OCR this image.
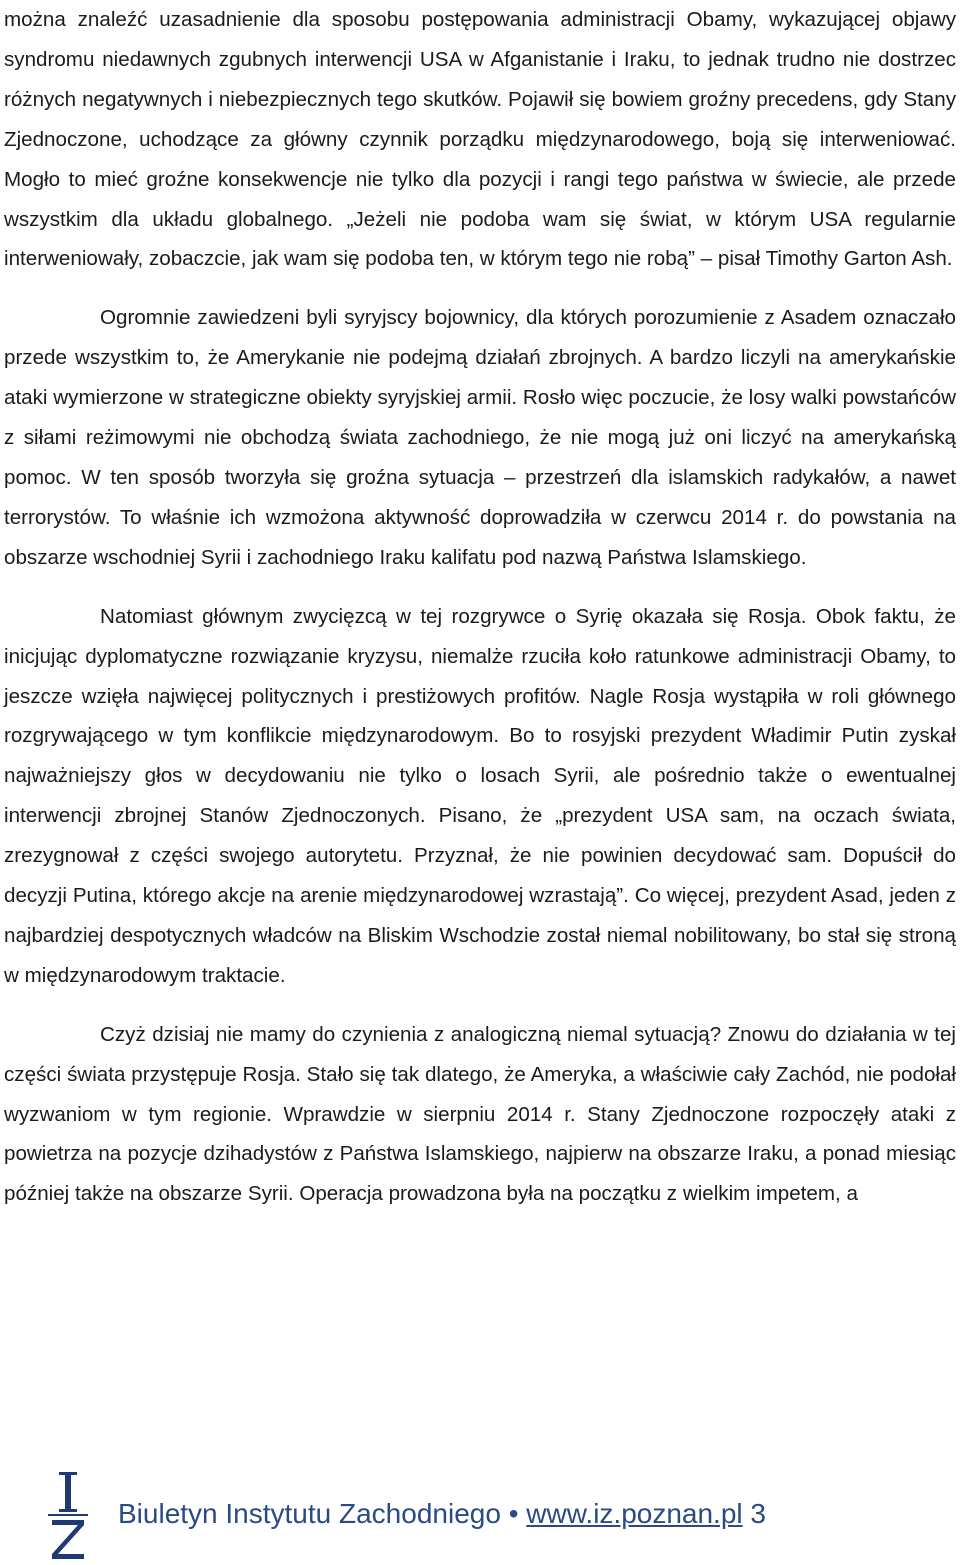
można znaleźć uzasadnienie dla sposobu postępowania administracji Obamy, wykazującej objawy syndromu niedawnych zgubnych interwencji USA w Afganistanie i Iraku, to jednak trudno nie dostrzec różnych negatywnych i niebezpiecznych tego skutków. Pojawił się bowiem groźny precedens, gdy Stany Zjednoczone, uchodzące za główny czynnik porządku międzynarodowego, boją się interweniować. Mogło to mieć groźne konsekwencje nie tylko dla pozycji i rangi tego państwa w świecie, ale przede wszystkim dla układu globalnego. „Jeżeli nie podoba wam się świat, w którym USA regularnie interweniowały, zobaczcie, jak wam się podoba ten, w którym tego nie robą” – pisał Timothy Garton Ash.

Ogromnie zawiedzeni byli syryjscy bojownicy, dla których porozumienie z Asadem oznaczało przede wszystkim to, że Amerykanie nie podejmą działań zbrojnych. A bardzo liczyli na amerykańskie ataki wymierzone w strategiczne obiekty syryjskiej armii. Rosło więc poczucie, że losy walki powstańców z siłami reżimowymi nie obchodzą świata zachodniego, że nie mogą już oni liczyć na amerykańską pomoc. W ten sposób tworzyła się groźna sytuacja – przestrzeń dla islamskich radykałów, a nawet terrorystów. To właśnie ich wzmożona aktywność doprowadziła w czerwcu 2014 r. do powstania na obszarze wschodniej Syrii i zachodniego Iraku kalifatu pod nazwą Państwa Islamskiego.

Natomiast głównym zwycięzcą w tej rozgrywce o Syrię okazała się Rosja. Obok faktu, że inicjując dyplomatyczne rozwiązanie kryzysu, niemalże rzuciła koło ratunkowe administracji Obamy, to jeszcze wzięła najwięcej politycznych i prestiżowych profitów. Nagle Rosja wystąpiła w roli głównego rozgrywającego w tym konflikcie międzynarodowym. Bo to rosyjski prezydent Władimir Putin zyskał najważniejszy głos w decydowaniu nie tylko o losach Syrii, ale pośrednio także o ewentualnej interwencji zbrojnej Stanów Zjednoczonych. Pisano, że „prezydent USA sam, na oczach świata, zrezygnował z części swojego autorytetu. Przyznał, że nie powinien decydować sam. Dopuścił do decyzji Putina, którego akcje na arenie międzynarodowej wzrastają”. Co więcej, prezydent Asad, jeden z najbardziej despotycznych władców na Bliskim Wschodzie został niemal nobilitowany, bo stał się stroną w międzynarodowym traktacie.

Czyż dzisiaj nie mamy do czynienia z analogiczną niemal sytuacją? Znowu do działania w tej części świata przystępuje Rosja. Stało się tak dlatego, że Ameryka, a właściwie cały Zachód, nie podołał wyzwaniom w tym regionie. Wprawdzie w sierpniu 2014 r. Stany Zjednoczone rozpoczęły ataki z powietrza na pozycje dzihadystów z Państwa Islamskiego, najpierw na obszarze Iraku, a ponad miesiąc później także na obszarze Syrii. Operacja prowadzona była na początku z wielkim impetem, a

Biuletyn Instytutu Zachodniego • www.iz.poznan.pl 3
